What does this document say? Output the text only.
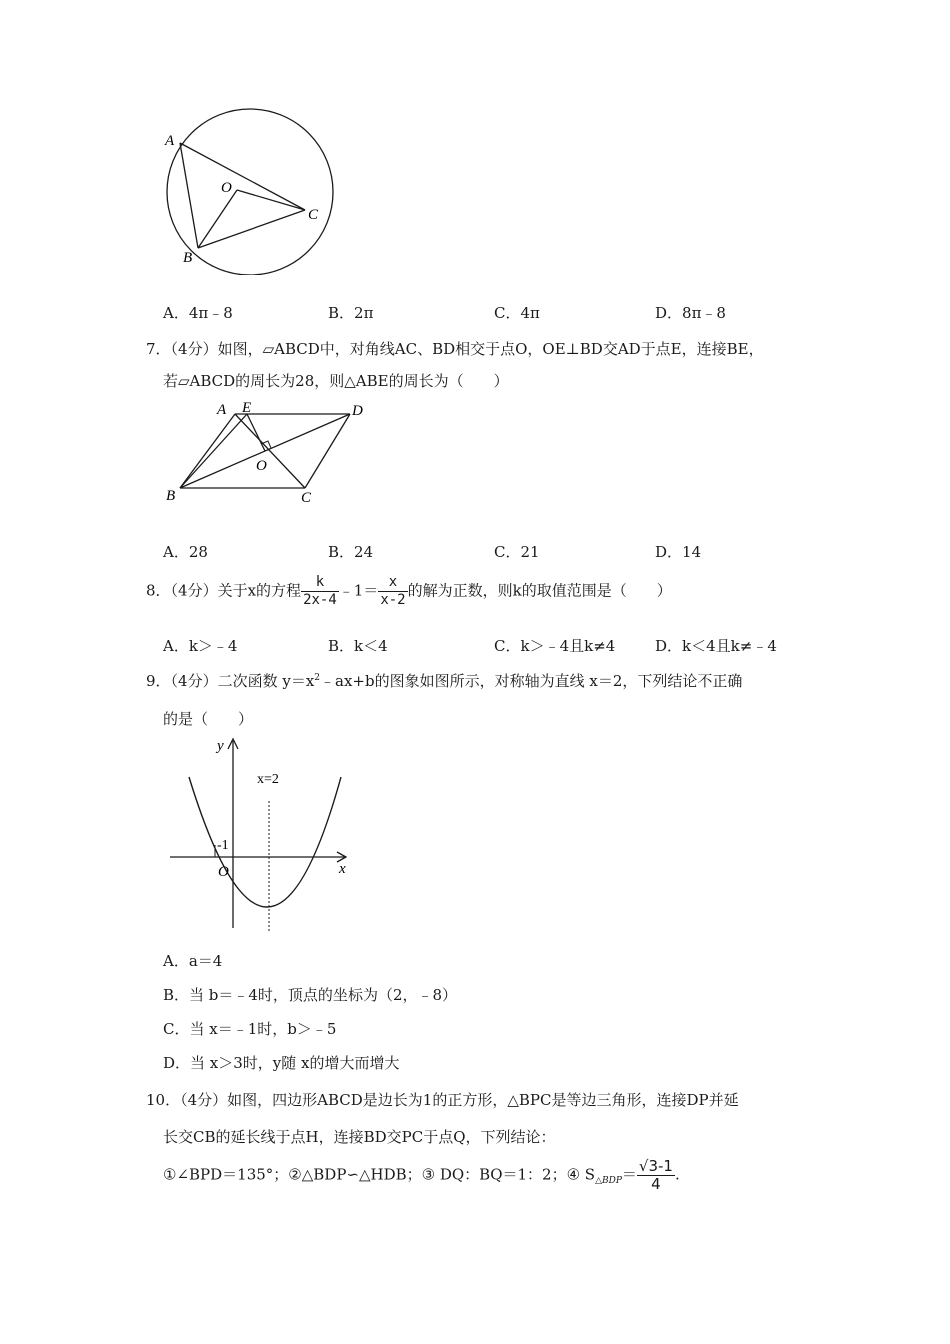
A
O
C
B
A．4π﹣8	B．2π	C．4π	D．8π﹣8
7．（4分）如图，▱ABCD中，对角线AC、BD相交于点O，OE⊥BD交AD于点E，连接BE，
若▱ABCD的周长为28，则△ABE的周长为（　　）
A E	D
O
B	C
A．28	B．24	C．21	D．14
8．（4分）关于x的方程 $\frac{k}{2x-4}$ ﹣1＝ $\frac{x}{x-2}$ 的解为正数，则k的取值范围是（　　）
A．k＞﹣4	B．k＜4	C．k＞﹣4且k≠4	D．k＜4且k≠﹣4
9．（4分）二次函数 $y=x^2﹣ax+b$的图象如图所示，对称轴为直线 x＝2，下列结论不正确
的是（　　）
y
x
x=2
-1
O
A．a＝4
B．当 b＝﹣4时，顶点的坐标为（2，﹣8）
C．当 x＝﹣1时，b＞﹣5
D．当 x＞3时，y随 x的增大而增大
10．（4分）如图，四边形ABCD是边长为1的正方形，△BPC是等边三角形，连接DP并延
长交CB的延长线于点H，连接BD交PC于点Q，下列结论：
①∠BPD＝135°；②△BDP∽△HDB；③ DQ：BQ＝1：2；④ $S_{\triangle BDP}= \frac{√3-1}{4}$ .
